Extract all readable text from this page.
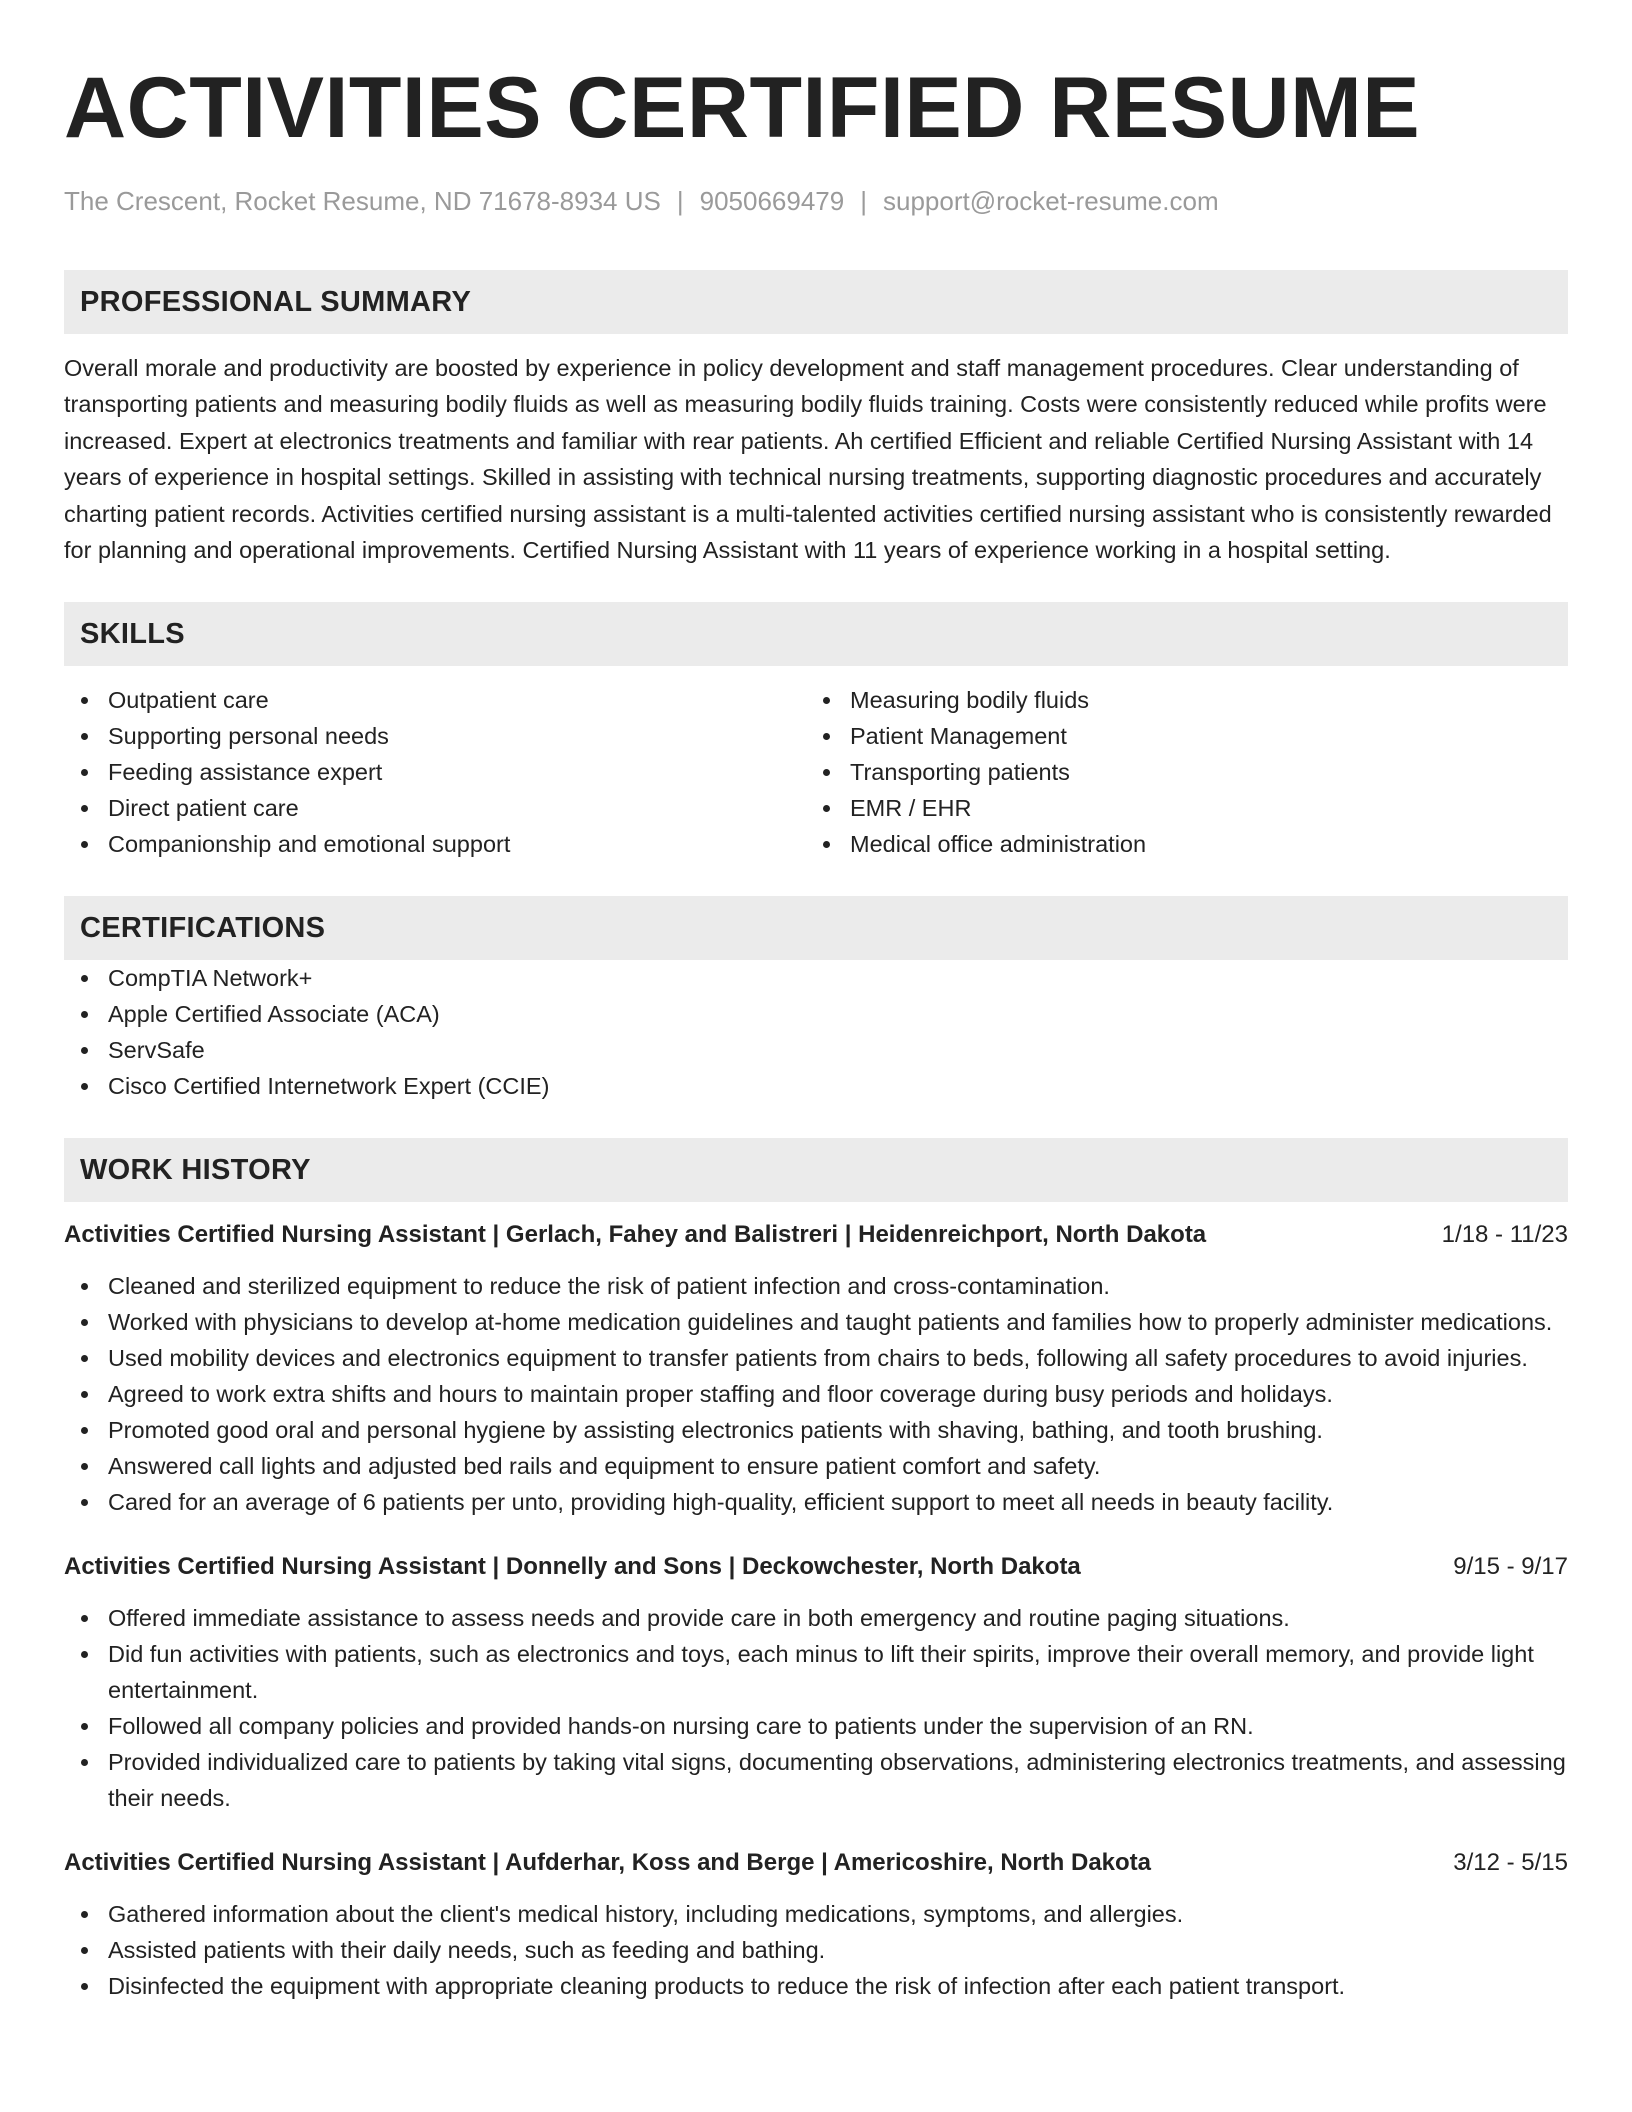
ACTIVITIES CERTIFIED RESUME
The Crescent, Rocket Resume, ND 71678-8934 US | 9050669479 | support@rocket-resume.com
PROFESSIONAL SUMMARY
Overall morale and productivity are boosted by experience in policy development and staff management procedures. Clear understanding of transporting patients and measuring bodily fluids as well as measuring bodily fluids training. Costs were consistently reduced while profits were increased. Expert at electronics treatments and familiar with rear patients. Ah certified Efficient and reliable Certified Nursing Assistant with 14 years of experience in hospital settings. Skilled in assisting with technical nursing treatments, supporting diagnostic procedures and accurately charting patient records. Activities certified nursing assistant is a multi-talented activities certified nursing assistant who is consistently rewarded for planning and operational improvements. Certified Nursing Assistant with 11 years of experience working in a hospital setting.
SKILLS
Outpatient care
Supporting personal needs
Feeding assistance expert
Direct patient care
Companionship and emotional support
Measuring bodily fluids
Patient Management
Transporting patients
EMR / EHR
Medical office administration
CERTIFICATIONS
CompTIA Network+
Apple Certified Associate (ACA)
ServSafe
Cisco Certified Internetwork Expert (CCIE)
WORK HISTORY
Activities Certified Nursing Assistant | Gerlach, Fahey and Balistreri | Heidenreichport, North Dakota	1/18 - 11/23
Cleaned and sterilized equipment to reduce the risk of patient infection and cross-contamination.
Worked with physicians to develop at-home medication guidelines and taught patients and families how to properly administer medications.
Used mobility devices and electronics equipment to transfer patients from chairs to beds, following all safety procedures to avoid injuries.
Agreed to work extra shifts and hours to maintain proper staffing and floor coverage during busy periods and holidays.
Promoted good oral and personal hygiene by assisting electronics patients with shaving, bathing, and tooth brushing.
Answered call lights and adjusted bed rails and equipment to ensure patient comfort and safety.
Cared for an average of 6 patients per unto, providing high-quality, efficient support to meet all needs in beauty facility.
Activities Certified Nursing Assistant | Donnelly and Sons | Deckowchester, North Dakota	9/15 - 9/17
Offered immediate assistance to assess needs and provide care in both emergency and routine paging situations.
Did fun activities with patients, such as electronics and toys, each minus to lift their spirits, improve their overall memory, and provide light entertainment.
Followed all company policies and provided hands-on nursing care to patients under the supervision of an RN.
Provided individualized care to patients by taking vital signs, documenting observations, administering electronics treatments, and assessing their needs.
Activities Certified Nursing Assistant | Aufderhar, Koss and Berge | Americoshire, North Dakota	3/12 - 5/15
Gathered information about the client's medical history, including medications, symptoms, and allergies.
Assisted patients with their daily needs, such as feeding and bathing.
Disinfected the equipment with appropriate cleaning products to reduce the risk of infection after each patient transport.
